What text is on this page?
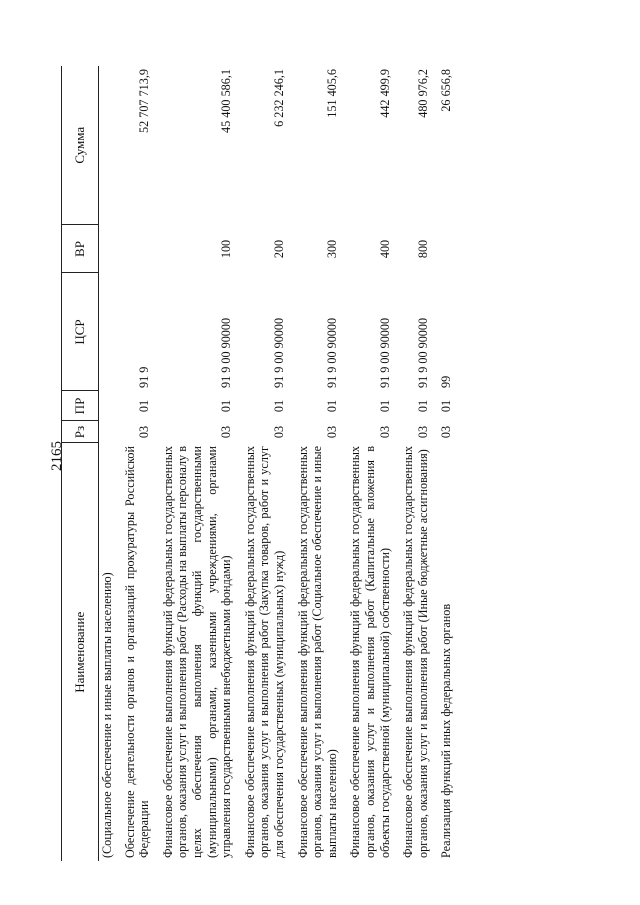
2165
Наименование	Рз	ПР	ЦСР	ВР	Сумма
(Социальное обеспечение и иные выплаты населению)					
Обеспечение деятельности органов и организаций прокуратуры Российской Федерации	03	01	91 9		52 707 713,9
Финансовое обеспечение выполнения функций федеральных государственных органов, оказания услуг и выполнения работ (Расходы на выплаты персоналу в целях обеспечения выполнения функций государственными (муниципальными) органами, казенными учреждениями, органами управления государственными внебюджетными фондами)	03	01	91 9 00 90000	100	45 400 586,1
Финансовое обеспечение выполнения функций федеральных государственных органов, оказания услуг и выполнения работ (Закупка товаров, работ и услуг для обеспечения государственных (муниципальных) нужд)	03	01	91 9 00 90000	200	6 232 246,1
Финансовое обеспечение выполнения функций федеральных государственных органов, оказания услуг и выполнения работ (Социальное обеспечение и иные выплаты населению)	03	01	91 9 00 90000	300	151 405,6
Финансовое обеспечение выполнения функций федеральных государственных органов, оказания услуг и выполнения работ (Капитальные вложения в объекты государственной (муниципальной) собственности)	03	01	91 9 00 90000	400	442 499,9
Финансовое обеспечение выполнения функций федеральных государственных органов, оказания услуг и выполнения работ (Иные бюджетные ассигнования)	03	01	91 9 00 90000	800	480 976,2
Реализация функций иных федеральных органов	03	01	99		26 656,8
